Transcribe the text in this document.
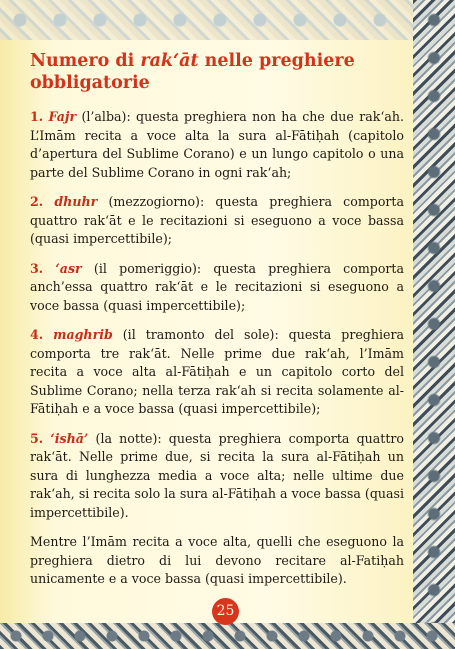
Numero di rak‘āt nelle preghiere obbligatorie
1. Fajr (l’alba): questa preghiera non ha che due rak‘ah. L’Imām recita a voce alta la sura al-Fātiḥah (capitolo d’apertura del Sublime Corano) e un lungo capitolo o una parte del Sublime Corano in ogni rak‘ah;
2. dhuhr (mezzogiorno): questa preghiera comporta quattro rak‘āt e le recitazioni si eseguono a voce bassa (quasi impercettibile);
3. ‘asr (il pomeriggio): questa preghiera comporta anch’essa quattro rak‘āt e le recitazioni si eseguono a voce bassa (quasi impercettibile);
4. maghrib (il tramonto del sole): questa preghiera comporta tre rak‘āt. Nelle prime due rak‘ah, l’Imām recita a voce alta al-Fātiḥah e un capitolo corto del Sublime Corano; nella terza rak‘ah si recita solamente al-Fātiḥah e a voce bassa (quasi impercettibile);
5. ‘ishā’ (la notte): questa preghiera comporta quattro rak‘āt. Nelle prime due, si recita la sura al-Fātiḥah un sura di lunghezza media a voce alta; nelle ultime due rak‘ah, si recita solo la sura al-Fātiḥah a voce bassa (quasi impercettibile).

Mentre l’Imām recita a voce alta, quelli che eseguono la preghiera dietro di lui devono recitare al-Fatiḥah unicamente e a voce bassa (quasi impercettibile).

25
